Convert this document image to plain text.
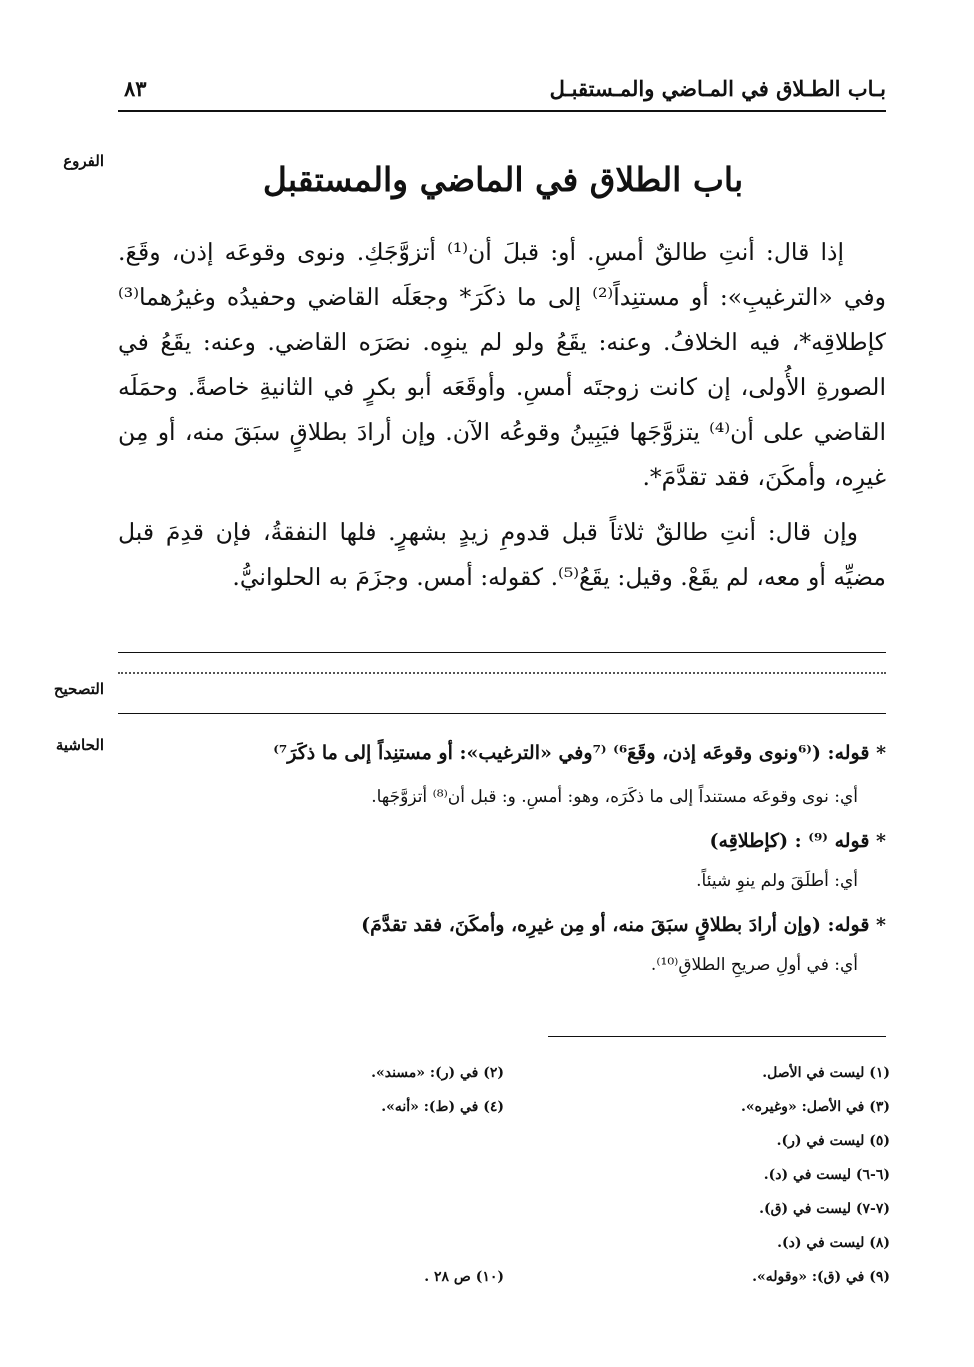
بـاب الطـلاق في المـاضي والمـستقبـل
٨٣
الفروع
التصحيح
الحاشية
باب الطلاق في الماضي والمستقبل

إذا قال: أنتِ طالقٌ أمسِ. أو: قبلَ أن⁽¹⁾ أتزوَّجَكِ. ونوى وقوعَه إذن، وقَعَ. وفي «الترغيبِ»: أو مستنِداً⁽²⁾ إلى ما ذكَرَ* وجعَلَه القاضي وحفيدُه وغيرُهما⁽³⁾ كإطلاقِه*، فيه الخلافُ. وعنه: يقَعُ ولو لم ينوِه. نصَرَه القاضي. وعنه: يقَعُ في الصورةِ الأُولى، إن كانت زوجتَه أمسِ. وأوقَعَه أبو بكرٍ في الثانيةِ خاصةً. وحمَلَه القاضي على أن⁽⁴⁾ يتزوَّجَها فيَبِينُ وقوعُه الآن. وإن أرادَ بطلاقٍ سبَقَ منه، أو مِن غيرِه، وأمكَنَ، فقد تقدَّمَ*.

وإن قال: أنتِ طالقٌ ثلاثاً قبل قدومِ زيدٍ بشهرٍ. فلها النفقةُ، فإن قدِمَ قبل مضيِّه أو معه، لم يقَعْ. وقيل: يقَعُ⁽⁵⁾. كقوله: أمس. وجزَمَ به الحلوانيُّ.

* قوله: (⁽⁶ونوى وقوعَه إذن، وقَعَ⁶⁾ ⁽⁷وفي «الترغيب»: أو مستنِداً إلى ما ذكَرَ⁷⁾

أي: نوى وقوعَه مستنداً إلى ما ذكَرَه، وهو: أمسِ. و: قبل أن⁽⁸⁾ أتزوَّجَها.

* قوله ⁽⁹⁾ : (كإطلاقِه)

أي: أطلَقَ ولم ينوِ شيئاً.

* قوله: (وإن أرادَ بطلاقٍ سبَقَ منه، أو مِن غيرِه، وأمكَنَ، فقد تقدَّمَ)

أي: في أولِ صريحِ الطلاقِ⁽¹⁰⁾.

(١) ليست في الأصل.

(٣) في الأصل: «وغيره».

(٥) ليست في (ر).

(٦-٦) ليست في (د).

(٧-٧) ليست في (ق).

(٨) ليست في (د).

(٩) في (ق): «وقوله».

(٢) في (ر): «مسند».

(٤) في (ط): «أنه».

(١٠) ص ٢٨ .
